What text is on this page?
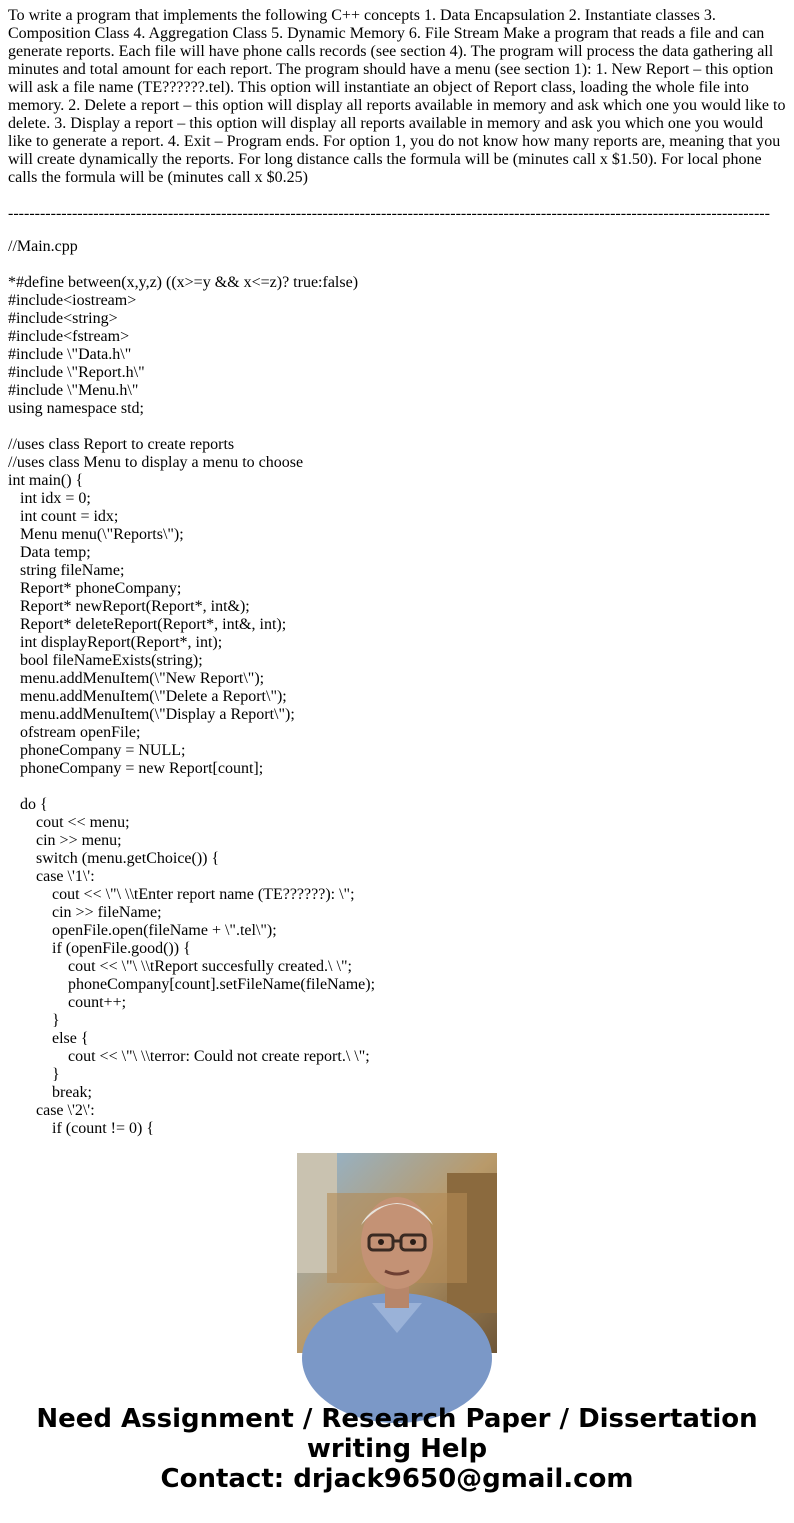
To write a program that implements the following C++ concepts 1. Data Encapsulation 2. Instantiate classes 3. Composition Class 4. Aggregation Class 5. Dynamic Memory 6. File Stream Make a program that reads a file and can generate reports. Each file will have phone calls records (see section 4). The program will process the data gathering all minutes and total amount for each report. The program should have a menu (see section 1): 1. New Report – this option will ask a file name (TE??????.tel). This option will instantiate an object of Report class, loading the whole file into memory. 2. Delete a report – this option will display all reports available in memory and ask which one you would like to delete. 3. Display a report – this option will display all reports available in memory and ask you which one you would like to generate a report. 4. Exit – Program ends. For option 1, you do not know how many reports are, meaning that you will create dynamically the reports. For long distance calls the formula will be (minutes call x $1.50). For local phone calls the formula will be (minutes call x $0.25)

-----------------------------------------------------------------------------------------------------------------------------------------------
//Main.cpp

*#define between(x,y,z) ((x>=y && x<=z)? true:false)
#include<iostream>
#include<string>
#include<fstream>
#include \"Data.h\"
#include \"Report.h\"
#include \"Menu.h\"
using namespace std;

//uses class Report to create reports
//uses class Menu to display a menu to choose
int main() {
int idx = 0;
int count = idx;
Menu menu(\"Reports\");
Data temp;
string fileName;
Report* phoneCompany;
Report* newReport(Report*, int&);
Report* deleteReport(Report*, int&, int);
int displayReport(Report*, int);
bool fileNameExists(string);
menu.addMenuItem(\"New Report\");
menu.addMenuItem(\"Delete a Report\");
menu.addMenuItem(\"Display a Report\");
ofstream openFile;
phoneCompany = NULL;
phoneCompany = new Report[count];

do {
cout << menu;
cin >> menu;
switch (menu.getChoice()) {
case \'1\':
cout << \"\ \\tEnter report name (TE??????): \";
cin >> fileName;
openFile.open(fileName + \".tel\");
if (openFile.good()) {
cout << \"\ \\tReport succesfully created.\ \";
phoneCompany[count].setFileName(fileName);
count++;
}
else {
cout << \"\ \\terror: Could not create report.\ \";
}
break;
case \'2\':
if (count != 0) {
Need Assignment / Research Paper / Dissertation
writing Help
Contact: drjack9650@gmail.com
